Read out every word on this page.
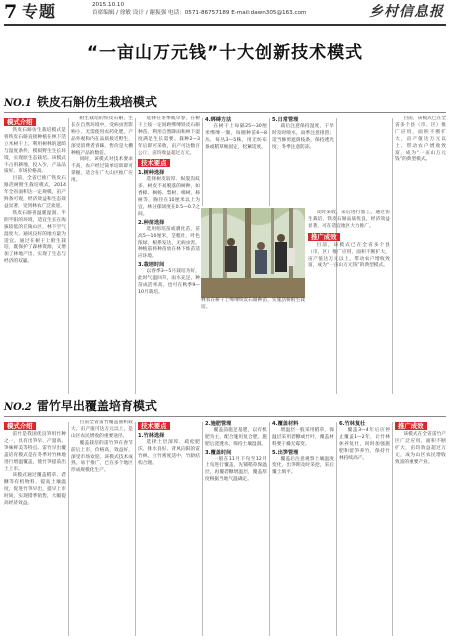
7 专题	2015.10.10
首席编辑 / 徐敏 设计 / 谢振强 电话：0571-86757189 E-mail:dawn305@163.com	乡村信息报
“一亩山万元钱”十大创新技术模式
NO.1 铁皮石斛仿生栽培模式
模式介绍

铁皮石斛仿生栽培模式是将铁皮石斛直接种植在林下活立木树干上，利用树林的遮荫与湿度条件，模拟野生生长环境，实现原生态栽培。该模式不占用耕地，投入少，产品品质好，市场价格高。

目前，全省已推广铁皮石斛活树附生栽培模式，2014年全省面积达一定规模，亩产鲜条可观，经济效益和生态效益显著，受到林农广泛欢迎。

铁皮石斛喜温暖湿润、半阴半阳的环境，适宜生长在海拔较低的丘陵山区，林下空气湿度大、通风良好的地方最为适宜。通过在树干上附生栽培，既保护了森林资源，又增加了林地产出，实现了生态与经济的双赢。

附生栽培的铁皮石斛，生长在自然环境中，受病虫害影响小，无需使用农药化肥，产品外观和内在品质接近野生，深受消费者青睐，售价是大棚种植产品的数倍。

同时，该模式对技术要求不高，农户经过简单培训即可掌握，适合在广大山区推广应用。

选择在冬季或早春，在树干上按一定间距绑缚铁皮石斛种苗，利用自然降雨和林下湿度满足生长需要。栽种2—3年后即可采收，亩产可达数百公斤，亩均收益超过万元。

技术要点
1.树种选择

选择树皮较厚、纵裂沟纹多、树皮不易脱落的树种，如香樟、枫杨、梨树、樟树、柿树等，胸径在10厘米以上为宜，林分郁闭度在0.5—0.7之间。

2.种苗选择

选用组培苗或驯化苗，苗高5—10厘米，茎粗壮、叶色浓绿、根系发达，无病虫害。种植前将种苗放在林下炼苗适应环境。

3.栽培时间

以春季3—5月栽培为好，此时气温回升，雨水充足，种苗成活率高。也可在秋季9—10月栽培。

林农在树干上绑缚铁皮石斛种苗，实施活树附生栽培。
4.绑缚方法

在树干上每隔25—30厘米绑缚一圈，每圈种苗6—8丛，每丛3—5株，用无纺布条或稻草绳固定，松紧适度。

5.日常管理

栽后注意保持湿度，干旱时及时喷水，雨季注意排涝；适当修剪遮荫枝条，保持透光度；冬季注意防冻。

及时采收，采后进行加工。通过仿生栽培，铁皮石斛品质优良，经济效益显著，可在适宜地区大力推广。

推广成效

目前，该模式已在全省多个县（市、区）推广应用，面积不断扩大，亩产值达万元以上，带动农户增收致富，成为“一亩山万元钱”的典型模式。

NO.2 雷竹早出覆盖培育模式
模式介绍

雷竹是我国优良笋用竹种之一，具有出笋早、产量高、笋味鲜美等特点。雷竹早出覆盖培育模式是在冬季对竹林地进行增温覆盖，使竹笋提前出土上市。

该模式通过覆盖稻草、砻糠等有机物料，提高土壤温度，促进竹笋早出，提早上市时间，实现错季销售，大幅提高经济效益。

目前全省雷竹覆盖面积较大，亩产值可达万元以上，是山区农民增收的重要途径。

覆盖栽培的雷竹笋在春节前后上市，价格高，效益好，深受市场欢迎。该模式技术成熟，易于推广，已在多个地区形成规模化生产。

技术要点
1.竹林选择

选择土层深厚、疏松肥沃、排水良好、背风向阳的雷竹林，立竹密度适中，竹龄结构合理。

2.施肥管理

覆盖前施足基肥，以有机肥为主，配合施用复合肥，施肥后浇透水，保持土壤湿润。

3.覆盖时间

一般在11月下旬至12月上旬进行覆盖，先铺稻草保温层，再覆砻糠增温层，覆盖厚度根据当地气温确定。

4.覆盖材料

增温层一般采用稻草，保温层采用砻糠或竹叶，覆盖材料要干燥无霉变。

5.出笋管理

覆盖后注意观察土壤温度变化，出笋期及时采挖，采后覆土填平。

6.竹林复壮

覆盖3—4年后应停止覆盖1—2年，让竹林休养复壮，同时加强施肥和留笋养竹，保持竹林持续高产。

推广成效

该模式在全省雷竹产区广泛应用，面积不断扩大，亩均效益超过万元，成为山区农民增收致富的重要产业。

目前，该模式已在全省多个县（市、区）推广应用，面积不断扩大，亩产值达万元以上，带动农户增收致富，成为“一亩山万元钱”的典型模式。
